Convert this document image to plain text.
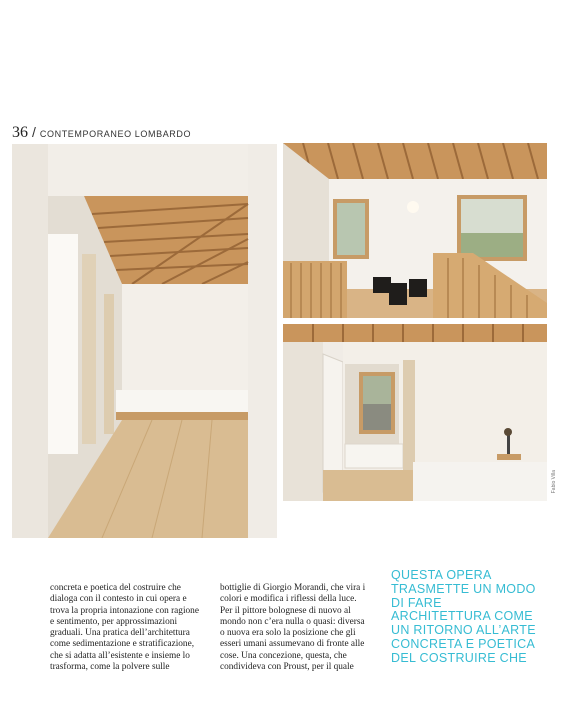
36 / CONTEMPORANEO LOMBARDO
Fabio Villa

concreta e poetica del costruire che dialoga con il contesto in cui opera e trova la propria intonazione con ragione e sentimento, per approssimazioni graduali. Una pratica dell’architettura come sedimentazione e stratificazione, che si adatta all’esistente e insieme lo trasforma, come la polvere sulle

bottiglie di Giorgio Morandi, che vira i colori e modifica i riflessi della luce. Per il pittore bolognese di nuovo al mondo non c’era nulla o quasi: diversa o nuova era solo la posizione che gli esseri umani assumevano di fronte alle cose. Una concezione, questa, che condivideva con Proust, per il quale

QUESTA OPERA TRASMETTE UN MODO DI FARE ARCHITETTURA COME UN RITORNO ALL’ARTE CONCRETA E POETICA DEL COSTRUIRE CHE
